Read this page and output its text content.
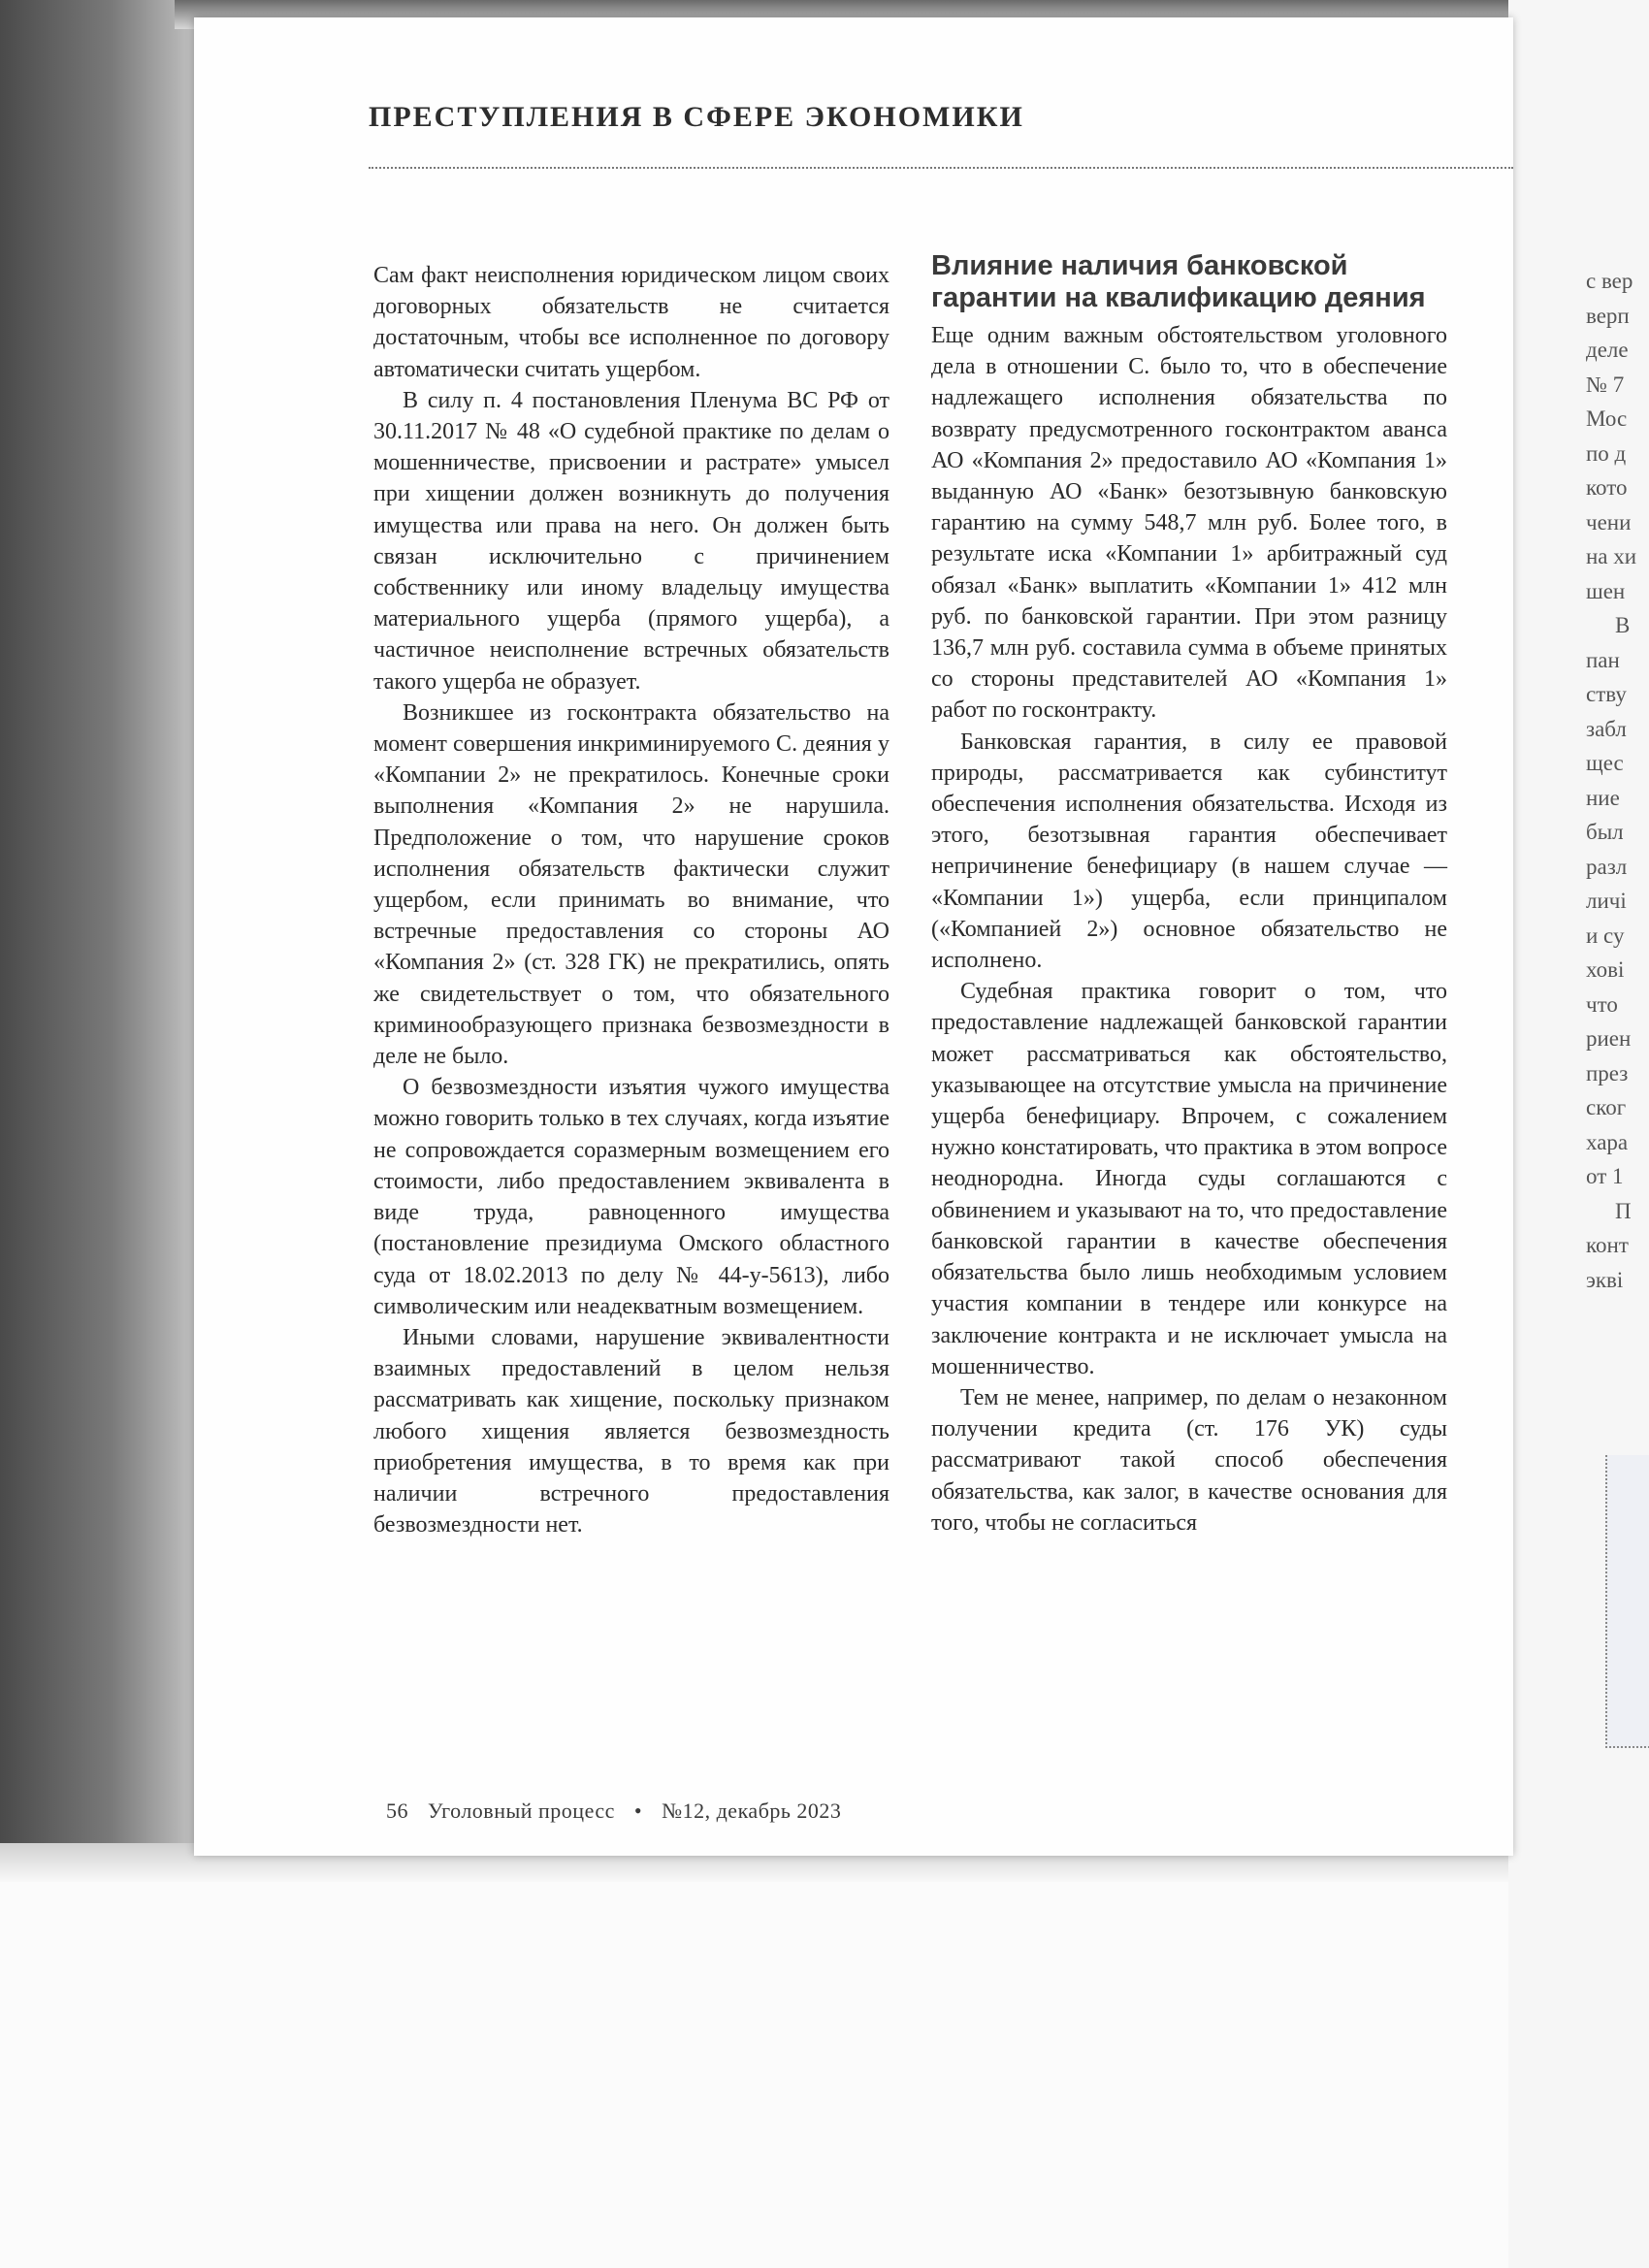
с вер
верп
деле
№ 7
Мос
по д
кото
чени
на хи
шен
В
пан
ству
забл
щес
ние
был
разл
личі
и су
хові
что
риен
през
ског
хара
от 1
П
конт
экві
ПРЕСТУПЛЕНИЯ В СФЕРЕ ЭКОНОМИКИ

Сам факт неисполнения юридическом лицом своих договорных обязательств не считается достаточным, чтобы все исполненное по договору автоматически считать ущербом.

В силу п. 4 постановления Пленума ВС РФ от 30.11.2017 № 48 «О судебной практике по делам о мошенничестве, присвоении и растрате» умысел при хищении должен возникнуть до получения имущества или права на него. Он должен быть связан исключительно с причинением собственнику или иному владельцу имущества материального ущерба (прямого ущерба), а частичное неисполнение встречных обязательств такого ущерба не образует.

Возникшее из госконтракта обязательство на момент совершения инкриминируемого С. деяния у «Компании 2» не прекратилось. Конечные сроки выполнения «Компания 2» не нарушила. Предположение о том, что нарушение сроков исполнения обязательств фактически служит ущербом, если принимать во внимание, что встречные предоставления со стороны АО «Компания 2» (ст. 328 ГК) не прекратились, опять же свидетельствует о том, что обязательного криминообразующего признака безвозмездности в деле не было.

О безвозмездности изъятия чужого имущества можно говорить только в тех случаях, когда изъятие не сопровождается соразмерным возмещением его стоимости, либо предоставлением эквивалента в виде труда, равноценного имущества (постановление президиума Омского областного суда от 18.02.2013 по делу № 44-у-5613), либо символическим или неадекватным возмещением.

Иными словами, нарушение эквивалентности взаимных предоставлений в целом нельзя рассматривать как хищение, поскольку признаком любого хищения является безвозмездность приобретения имущества, в то время как при наличии встречного предоставления безвозмездности нет.

Влияние наличия банковской гарантии на квалификацию деяния

Еще одним важным обстоятельством уголовного дела в отношении С. было то, что в обеспечение надлежащего исполнения обязательства по возврату предусмотренного госконтрактом аванса АО «Компания 2» предоставило АО «Компания 1» выданную АО «Банк» безотзывную банковскую гарантию на сумму 548,7 млн руб. Более того, в результате иска «Компании 1» арбитражный суд обязал «Банк» выплатить «Компании 1» 412 млн руб. по банковской гарантии. При этом разницу 136,7 млн руб. составила сумма в объеме принятых со стороны представителей АО «Компания 1» работ по госконтракту.

Банковская гарантия, в силу ее правовой природы, рассматривается как субинститут обеспечения исполнения обязательства. Исходя из этого, безотзывная гарантия обеспечивает непричинение бенефициару (в нашем случае — «Компании 1») ущерба, если принципалом («Компанией 2») основное обязательство не исполнено.

Судебная практика говорит о том, что предоставление надлежащей банковской гарантии может рассматриваться как обстоятельство, указывающее на отсутствие умысла на причинение ущерба бенефициару. Впрочем, с сожалением нужно констатировать, что практика в этом вопросе неоднородна. Иногда суды соглашаются с обвинением и указывают на то, что предоставление банковской гарантии в качестве обеспечения обязательства было лишь необходимым условием участия компании в тендере или конкурсе на заключение контракта и не исключает умысла на мошенничество.

Тем не менее, например, по делам о незаконном получении кредита (ст. 176 УК) суды рассматривают такой способ обеспечения обязательства, как залог, в качестве основания для того, чтобы не согласиться

56 Уголовный процесс • №12, декабрь 2023
